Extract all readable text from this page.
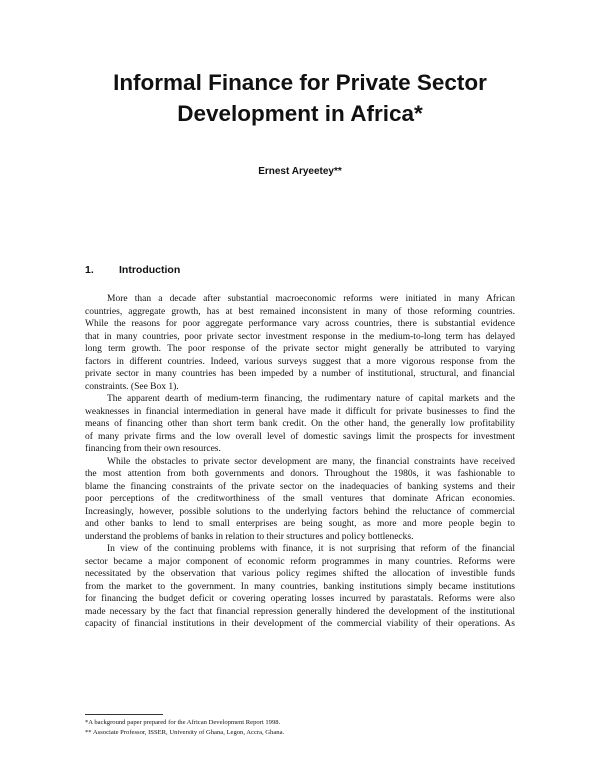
Informal Finance for Private Sector
Development in Africa*

Ernest Aryeetey**

1. Introduction
More than a decade after substantial macroeconomic reforms were initiated in many African
countries, aggregate growth, has at best remained inconsistent in many of those reforming countries.
While the reasons for poor aggregate performance vary across countries, there is substantial evidence
that in many countries, poor private sector investment response in the medium-to-long term has delayed
long term growth. The poor response of the private sector might generally be attributed to varying
factors in different countries. Indeed, various surveys suggest that a more vigorous response from the
private sector in many countries has been impeded by a number of institutional, structural, and financial
constraints. (See Box 1).
The apparent dearth of medium-term financing, the rudimentary nature of capital markets and the
weaknesses in financial intermediation in general have made it difficult for private businesses to find the
means of financing other than short term bank credit. On the other hand, the generally low profitability
of many private firms and the low overall level of domestic savings limit the prospects for investment
financing from their own resources.
While the obstacles to private sector development are many, the financial constraints have received
the most attention from both governments and donors. Throughout the 1980s, it was fashionable to
blame the financing constraints of the private sector on the inadequacies of banking systems and their
poor perceptions of the creditworthiness of the small ventures that dominate African economies.
Increasingly, however, possible solutions to the underlying factors behind the reluctance of commercial
and other banks to lend to small enterprises are being sought, as more and more people begin to
understand the problems of banks in relation to their structures and policy bottlenecks.
In view of the continuing problems with finance, it is not surprising that reform of the financial
sector became a major component of economic reform programmes in many countries. Reforms were
necessitated by the observation that various policy regimes shifted the allocation of investible funds
from the market to the government. In many countries, banking institutions simply became institutions
for financing the budget deficit or covering operating losses incurred by parastatals. Reforms were also
made necessary by the fact that financial repression generally hindered the development of the institutional
capacity of financial institutions in their development of the commercial viability of their operations. As
*A background paper prepared for the African Development Report 1998.
** Associate Professor, ISSER, University of Ghana, Legon, Accra, Ghana.
